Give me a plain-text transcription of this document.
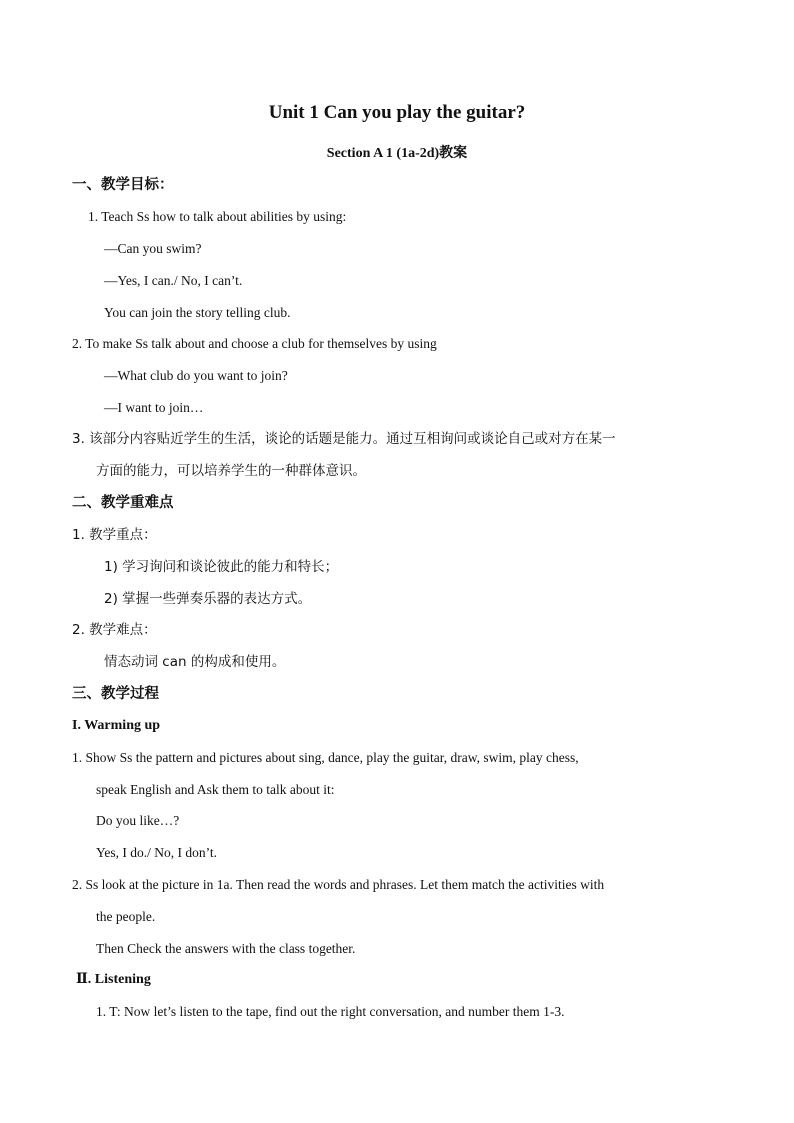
Unit 1 Can you play the guitar?
Section A 1 (1a-2d)教案
一、教学目标：
1. Teach Ss how to talk about abilities by using:
—Can you swim?
—Yes, I can./ No, I can’t.
You can join the story telling club.
2. To make Ss talk about and choose a club for themselves by using
—What club do you want to join?
—I want to join…
3. 该部分内容贴近学生的生活，谈论的话题是能力。通过互相询问或谈论自己或对方在某一
方面的能力，可以培养学生的一种群体意识。
二、教学重难点
1. 教学重点：
1) 学习询问和谈论彼此的能力和特长；
2) 掌握一些弹奏乐器的表达方式。
2. 教学难点：
情态动词 can 的构成和使用。
三、教学过程
I. Warming up
1. Show Ss the pattern and pictures about sing, dance, play the guitar, draw, swim, play chess,
speak English and Ask them to talk about it:
Do you like…?
Yes, I do./ No, I don’t.
2. Ss look at the picture in 1a. Then read the words and phrases. Let them match the activities with
the people.
Then Check the answers with the class together.
Ⅱ. Listening
1. T: Now let’s listen to the tape, find out the right conversation, and number them 1-3.
